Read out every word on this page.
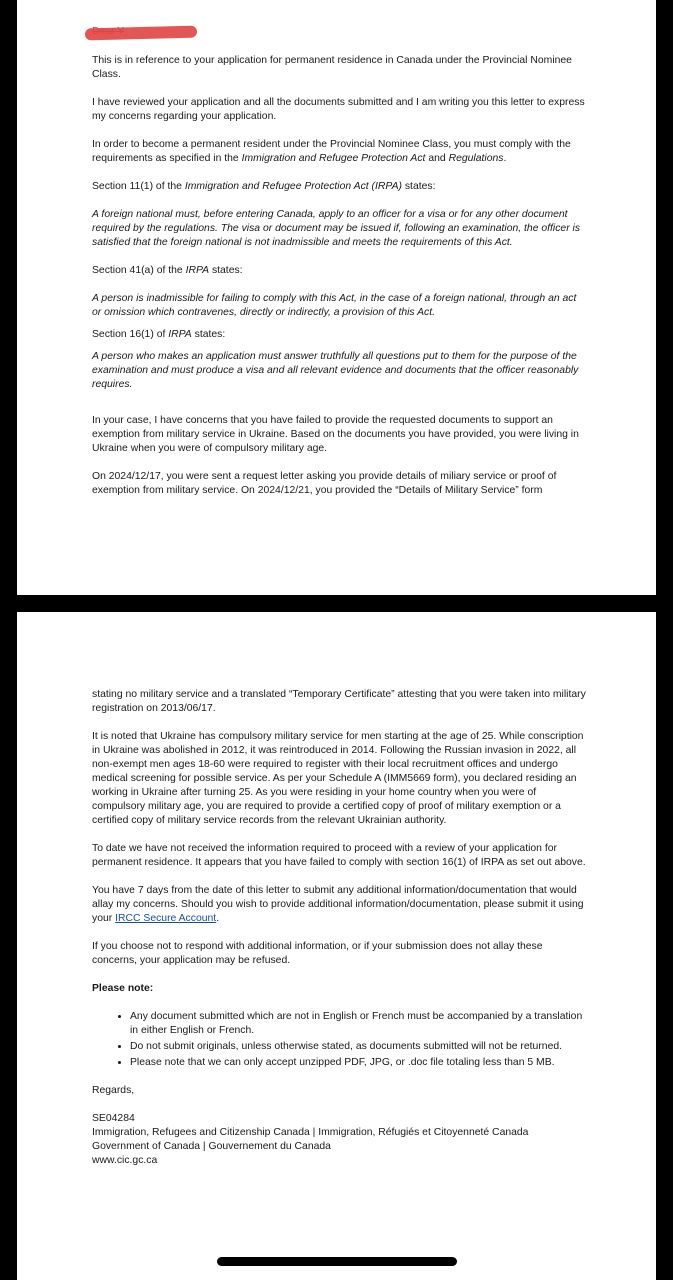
This is in reference to your application for permanent residence in Canada under the Provincial Nominee Class.

I have reviewed your application and all the documents submitted and I am writing you this letter to express my concerns regarding your application.

In order to become a permanent resident under the Provincial Nominee Class, you must comply with the requirements as specified in the Immigration and Refugee Protection Act and Regulations.

Section 11(1) of the Immigration and Refugee Protection Act (IRPA) states:

A foreign national must, before entering Canada, apply to an officer for a visa or for any other document required by the regulations. The visa or document may be issued if, following an examination, the officer is satisfied that the foreign national is not inadmissible and meets the requirements of this Act.

Section 41(a) of the IRPA states:

A person is inadmissible for failing to comply with this Act, in the case of a foreign national, through an act or omission which contravenes, directly or indirectly, a provision of this Act.

Section 16(1) of IRPA states:

A person who makes an application must answer truthfully all questions put to them for the purpose of the examination and must produce a visa and all relevant evidence and documents that the officer reasonably requires.

In your case, I have concerns that you have failed to provide the requested documents to support an exemption from military service in Ukraine. Based on the documents you have provided, you were living in Ukraine when you were of compulsory military age.

On 2024/12/17, you were sent a request letter asking you provide details of miliary service or proof of exemption from military service. On 2024/12/21, you provided the “Details of Military Service” form

stating no military service and a translated “Temporary Certificate” attesting that you were taken into military registration on 2013/06/17.

It is noted that Ukraine has compulsory military service for men starting at the age of 25. While conscription in Ukraine was abolished in 2012, it was reintroduced in 2014. Following the Russian invasion in 2022, all non-exempt men ages 18-60 were required to register with their local recruitment offices and undergo medical screening for possible service. As per your Schedule A (IMM5669 form), you declared residing an working in Ukraine after turning 25. As you were residing in your home country when you were of compulsory military age, you are required to provide a certified copy of proof of military exemption or a certified copy of military service records from the relevant Ukrainian authority.

To date we have not received the information required to proceed with a review of your application for permanent residence. It appears that you have failed to comply with section 16(1) of IRPA as set out above.

You have 7 days from the date of this letter to submit any additional information/documentation that would allay my concerns. Should you wish to provide additional information/documentation, please submit it using your IRCC Secure Account.

If you choose not to respond with additional information, or if your submission does not allay these concerns, your application may be refused.

Please note:

• Any document submitted which are not in English or French must be accompanied by a translation in either English or French.
• Do not submit originals, unless otherwise stated, as documents submitted will not be returned.
• Please note that we can only accept unzipped PDF, JPG, or .doc file totaling less than 5 MB.

Regards,

SE04284
Immigration, Refugees and Citizenship Canada | Immigration, Réfugiés et Citoyenneté Canada
Government of Canada | Gouvernement du Canada
www.cic.gc.ca
